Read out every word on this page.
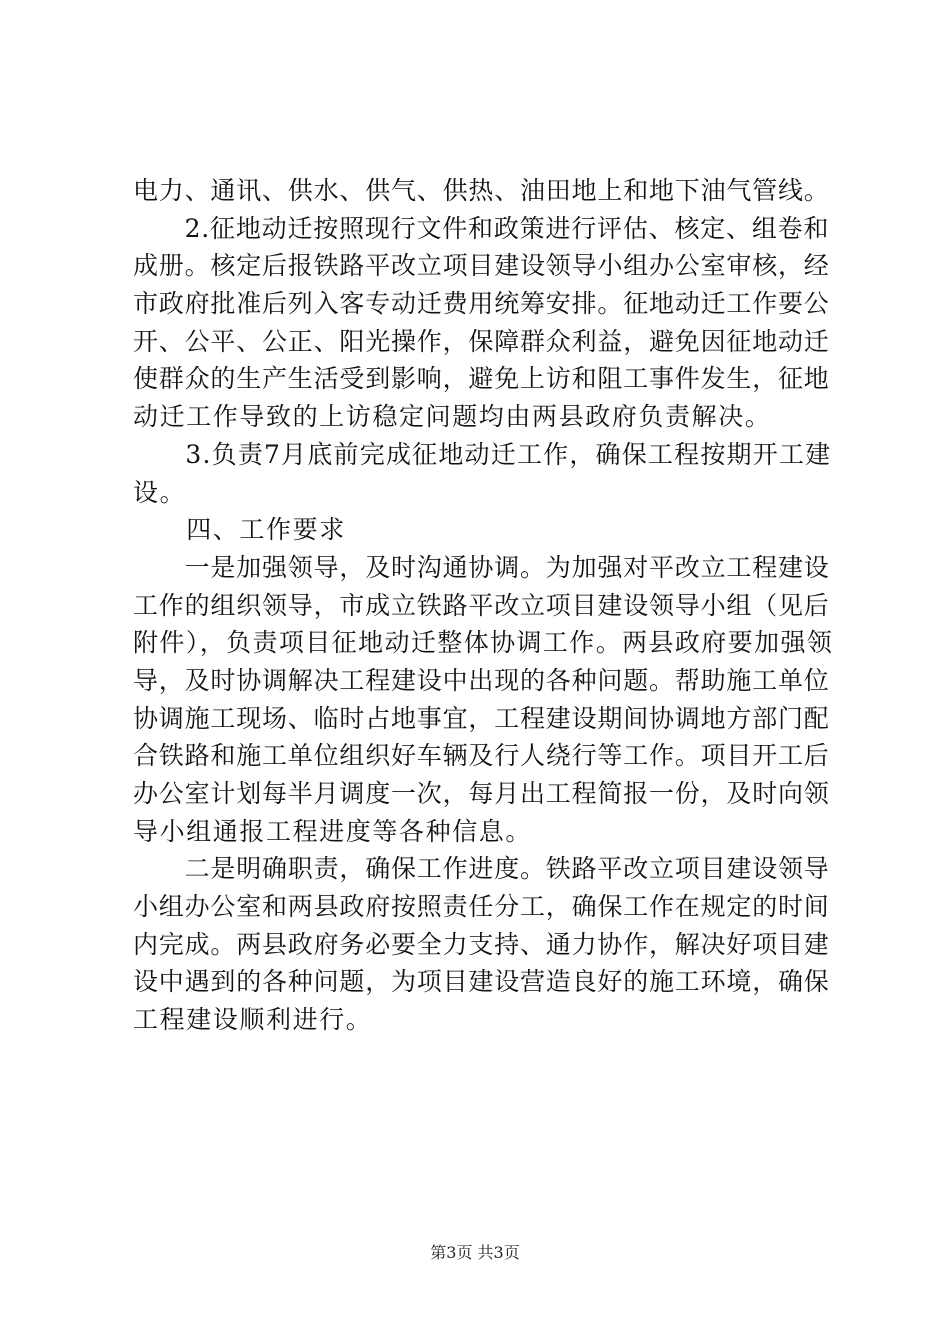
电力、通讯、供水、供气、供热、油田地上和地下油气管线。
　　2.征地动迁按照现行文件和政策进行评估、核定、组卷和
成册。核定后报铁路平改立项目建设领导小组办公室审核，经
市政府批准后列入客专动迁费用统筹安排。征地动迁工作要公
开、公平、公正、阳光操作，保障群众利益，避免因征地动迁
使群众的生产生活受到影响，避免上访和阻工事件发生，征地
动迁工作导致的上访稳定问题均由两县政府负责解决。
　　3.负责7月底前完成征地动迁工作，确保工程按期开工建
设。
　　四、工作要求
　　一是加强领导，及时沟通协调。为加强对平改立工程建设
工作的组织领导，市成立铁路平改立项目建设领导小组（见后
附件），负责项目征地动迁整体协调工作。两县政府要加强领
导，及时协调解决工程建设中出现的各种问题。帮助施工单位
协调施工现场、临时占地事宜，工程建设期间协调地方部门配
合铁路和施工单位组织好车辆及行人绕行等工作。项目开工后
办公室计划每半月调度一次，每月出工程简报一份，及时向领
导小组通报工程进度等各种信息。
　　二是明确职责，确保工作进度。铁路平改立项目建设领导
小组办公室和两县政府按照责任分工，确保工作在规定的时间
内完成。两县政府务必要全力支持、通力协作，解决好项目建
设中遇到的各种问题，为项目建设营造良好的施工环境，确保
工程建设顺利进行。
第3页 共3页
